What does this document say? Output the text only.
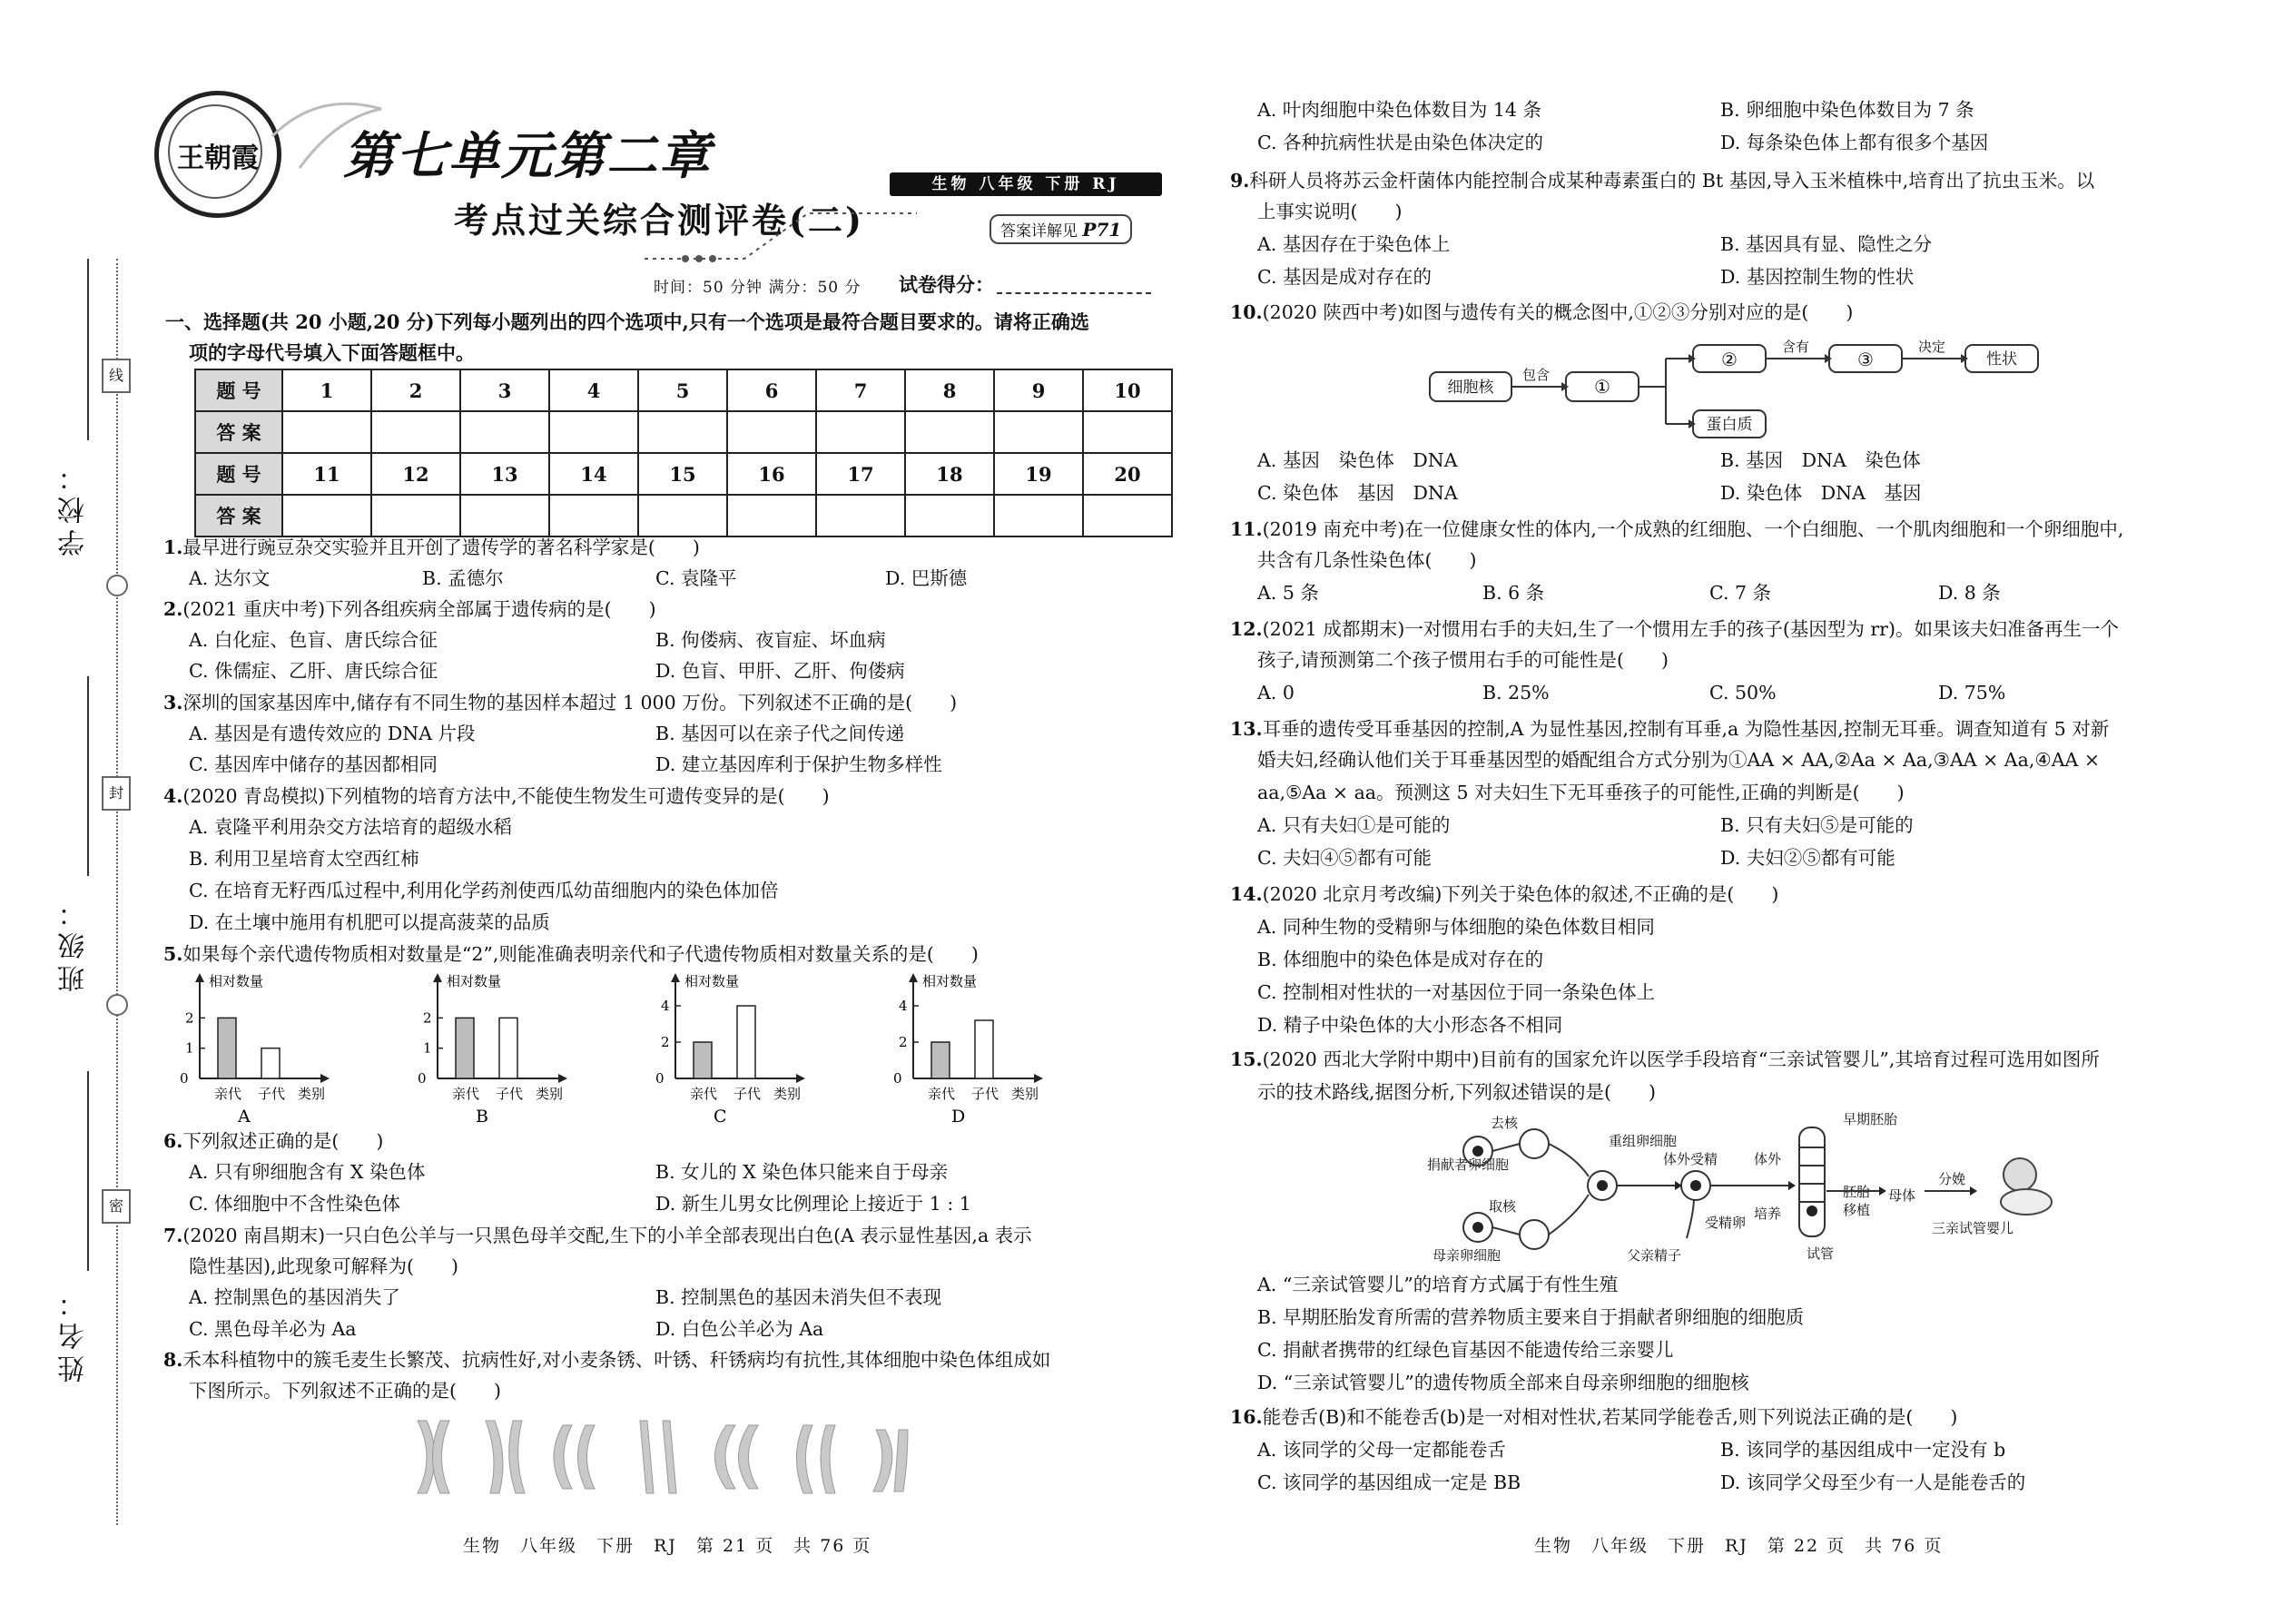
学校：
班级：
姓名：
线
封
密
王朝霞	第七单元第二章	生物 八年级 下册 RJ
考点过关综合测评卷(二)	答案详解见 P71
时间：50 分钟 满分：50 分 试卷得分：
一、选择题(共 20 小题,20 分)下列每小题列出的四个选项中,只有一个选项是最符合题目要求的。请将正确选
项的字母代号填入下面答题框中。
题 号	1	2	3	4	5	6	7	8	9	10
答 案										
题 号	11	12	13	14	15	16	17	18	19	20
答 案										
1.最早进行豌豆杂交实验并且开创了遗传学的著名科学家是(　　)
A. 达尔文	B. 孟德尔	C. 袁隆平	D. 巴斯德
2.(2021 重庆中考)下列各组疾病全部属于遗传病的是(　　)
A. 白化症、色盲、唐氏综合征	B. 佝偻病、夜盲症、坏血病
C. 侏儒症、乙肝、唐氏综合征	D. 色盲、甲肝、乙肝、佝偻病
3.深圳的国家基因库中,储存有不同生物的基因样本超过 1 000 万份。下列叙述不正确的是(　　)
A. 基因是有遗传效应的 DNA 片段	B. 基因可以在亲子代之间传递
C. 基因库中储存的基因都相同	D. 建立基因库利于保护生物多样性
4.(2020 青岛模拟)下列植物的培育方法中,不能使生物发生可遗传变异的是(　　)
A. 袁隆平利用杂交方法培育的超级水稻
B. 利用卫星培育太空西红柿
C. 在培育无籽西瓜过程中,利用化学药剂使西瓜幼苗细胞内的染色体加倍
D. 在土壤中施用有机肥可以提高菠菜的品质
5.如果每个亲代遗传物质相对数量是“2”,则能准确表明亲代和子代遗传物质相对数量关系的是(　　)
相对数量
0
1
2
亲代 子代 类别
A
相对数量
0
1
2
亲代 子代 类别
B
相对数量
0
2
4
亲代 子代 类别
C
相对数量
0
2
4
亲代 子代 类别
D
6.下列叙述正确的是(　　)
A. 只有卵细胞含有 X 染色体	B. 女儿的 X 染色体只能来自于母亲
C. 体细胞中不含性染色体	D. 新生儿男女比例理论上接近于 1 : 1
7.(2020 南昌期末)一只白色公羊与一只黑色母羊交配,生下的小羊全部表现出白色(A 表示显性基因,a 表示
隐性基因),此现象可解释为(　　)
A. 控制黑色的基因消失了	B. 控制黑色的基因未消失但不表现
C. 黑色母羊必为 Aa	D. 白色公羊必为 Aa
8.禾本科植物中的簇毛麦生长繁茂、抗病性好,对小麦条锈、叶锈、秆锈病均有抗性,其体细胞中染色体组成如
下图所示。下列叙述不正确的是(　　)
A. 叶肉细胞中染色体数目为 14 条	B. 卵细胞中染色体数目为 7 条
C. 各种抗病性状是由染色体决定的	D. 每条染色体上都有很多个基因
9.科研人员将苏云金杆菌体内能控制合成某种毒素蛋白的 Bt 基因,导入玉米植株中,培育出了抗虫玉米。以
上事实说明(　　)
A. 基因存在于染色体上	B. 基因具有显、隐性之分
C. 基因是成对存在的	D. 基因控制生物的性状
10.(2020 陕西中考)如图与遗传有关的概念图中,①②③分别对应的是(　　)
细胞核
包含
①
②
含有
③
决定
性状
蛋白质
A. 基因　染色体　DNA	B. 基因　DNA　染色体
C. 染色体　基因　DNA	D. 染色体　DNA　基因
11.(2019 南充中考)在一位健康女性的体内,一个成熟的红细胞、一个白细胞、一个肌肉细胞和一个卵细胞中,
共含有几条性染色体(　　)
A. 5 条	B. 6 条	C. 7 条	D. 8 条
12.(2021 成都期末)一对惯用右手的夫妇,生了一个惯用左手的孩子(基因型为 rr)。如果该夫妇准备再生一个
孩子,请预测第二个孩子惯用右手的可能性是(　　)
A. 0	B. 25%	C. 50%	D. 75%
13.耳垂的遗传受耳垂基因的控制,A 为显性基因,控制有耳垂,a 为隐性基因,控制无耳垂。调查知道有 5 对新
婚夫妇,经确认他们关于耳垂基因型的婚配组合方式分别为①AA × AA,②Aa × Aa,③AA × Aa,④AA ×
aa,⑤Aa × aa。预测这 5 对夫妇生下无耳垂孩子的可能性,正确的判断是(　　)
A. 只有夫妇①是可能的	B. 只有夫妇⑤是可能的
C. 夫妇④⑤都有可能	D. 夫妇②⑤都有可能
14.(2020 北京月考改编)下列关于染色体的叙述,不正确的是(　　)
A. 同种生物的受精卵与体细胞的染色体数目相同
B. 体细胞中的染色体是成对存在的
C. 控制相对性状的一对基因位于同一条染色体上
D. 精子中染色体的大小形态各不相同
15.(2020 西北大学附中期中)目前有的国家允许以医学手段培育“三亲试管婴儿”,其培育过程可选用如图所
示的技术路线,据图分析,下列叙述错误的是(　　)
去核
捐献者卵细胞
取核
母亲卵细胞
重组卵细胞
体外受精
受精卵
父亲精子
体外
培养
早期胚胎
胚胎
移植
试管
母体
分娩
三亲试管婴儿
A. “三亲试管婴儿”的培育方式属于有性生殖
B. 早期胚胎发育所需的营养物质主要来自于捐献者卵细胞的细胞质
C. 捐献者携带的红绿色盲基因不能遗传给三亲婴儿
D. “三亲试管婴儿”的遗传物质全部来自母亲卵细胞的细胞核
16.能卷舌(B)和不能卷舌(b)是一对相对性状,若某同学能卷舌,则下列说法正确的是(　　)
A. 该同学的父母一定都能卷舌	B. 该同学的基因组成中一定没有 b
C. 该同学的基因组成一定是 BB	D. 该同学父母至少有一人是能卷舌的
生物　八年级　下册　RJ　第 21 页　共 76 页	生物　八年级　下册　RJ　第 22 页　共 76 页
